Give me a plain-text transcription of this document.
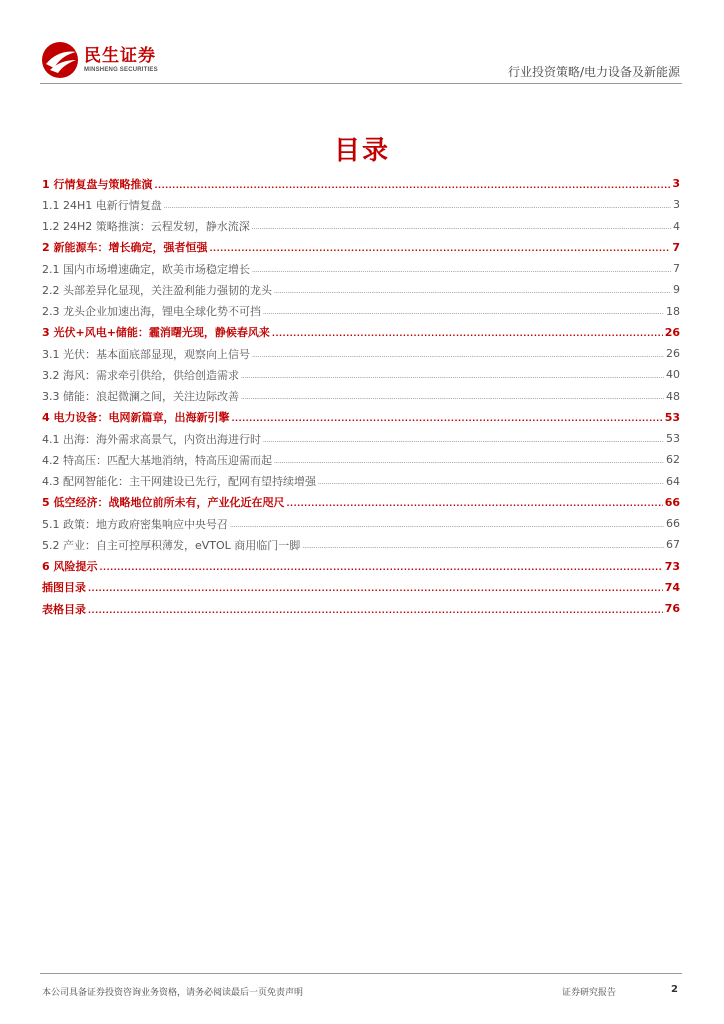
民生证券
MINSHENG SECURITIES	行业投资策略/电力设备及新能源
目录
1 行情复盘与策略推演 .....	3
1.1 24H1 电新行情复盘 .....	3
1.2 24H2 策略推演：云程发轫，静水流深 .....	4
2 新能源车：增长确定，强者恒强 .....	7
2.1 国内市场增速确定，欧美市场稳定增长 .....	7
2.2 头部差异化显现，关注盈利能力强韧的龙头 .....	9
2.3 龙头企业加速出海，锂电全球化势不可挡 .....	18
3 光伏+风电+储能：霾消曙光现，静候春风来 .....	26
3.1 光伏：基本面底部显现，观察向上信号 .....	26
3.2 海风：需求牵引供给，供给创造需求 .....	40
3.3 储能：浪起微澜之间，关注边际改善 .....	48
4 电力设备：电网新篇章，出海新引擎 .....	53
4.1 出海：海外需求高景气，内资出海进行时 .....	53
4.2 特高压：匹配大基地消纳，特高压迎需而起 .....	62
4.3 配网智能化：主干网建设已先行，配网有望持续增强 .....	64
5 低空经济：战略地位前所未有，产业化近在咫尺 .....	66
5.1 政策：地方政府密集响应中央号召 .....	66
5.2 产业：自主可控厚积薄发，eVTOL 商用临门一脚 .....	67
6 风险提示 .....	73
插图目录 .....	74
表格目录 .....	76
本公司具备证券投资咨询业务资格，请务必阅读最后一页免责声明	证券研究报告	2
